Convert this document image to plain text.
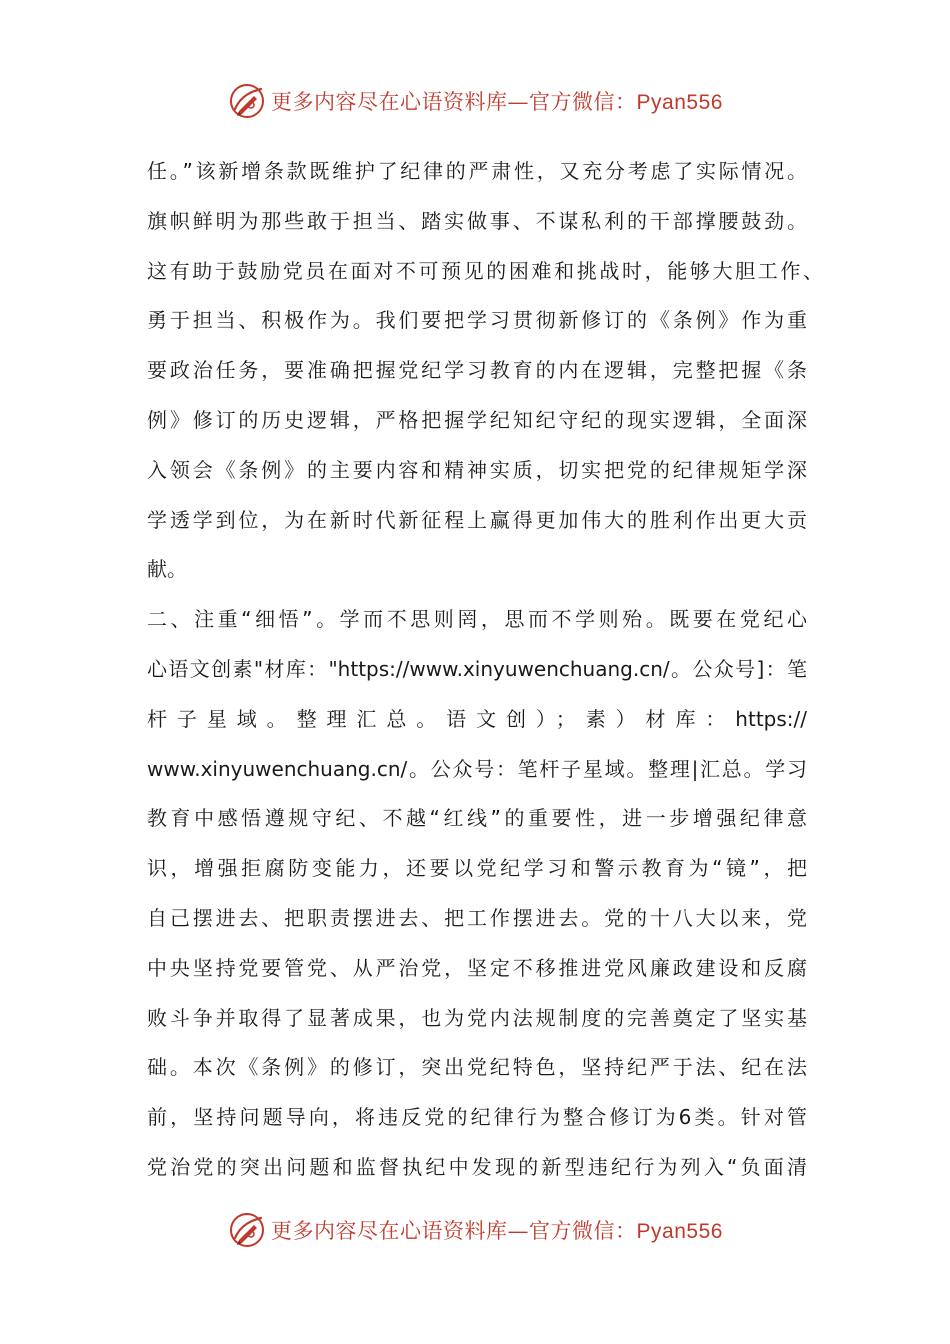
更多内容尽在心语资料库—官方微信：Pyan556
任。”该新增条款既维护了纪律的严肃性，又充分考虑了实际情况。
旗帜鲜明为那些敢于担当、踏实做事、不谋私利的干部撑腰鼓劲。
这有助于鼓励党员在面对不可预见的困难和挑战时，能够大胆工作、
勇于担当、积极作为。我们要把学习贯彻新修订的《条例》作为重
要政治任务，要准确把握党纪学习教育的内在逻辑，完整把握《条
例》修订的历史逻辑，严格把握学纪知纪守纪的现实逻辑，全面深
入领会《条例》的主要内容和精神实质，切实把党的纪律规矩学深
学透学到位，为在新时代新征程上赢得更加伟大的胜利作出更大贡
献。
二、注重“细悟”。学而不思则罔，思而不学则殆。既要在党纪心
心语文创素"材库："https://www.xinyuwenchuang.cn/。公众号]：笔
杆子星域。整理汇总。语文创）；素）材库：https://
www.xinyuwenchuang.cn/。公众号：笔杆子星域。整理|汇总。学习
教育中感悟遵规守纪、不越“红线”的重要性，进一步增强纪律意
识，增强拒腐防变能力，还要以党纪学习和警示教育为“镜”，把
自己摆进去、把职责摆进去、把工作摆进去。党的十八大以来，党
中央坚持党要管党、从严治党，坚定不移推进党风廉政建设和反腐
败斗争并取得了显著成果，也为党内法规制度的完善奠定了坚实基
础。本次《条例》的修订，突出党纪特色，坚持纪严于法、纪在法
前，坚持问题导向，将违反党的纪律行为整合修订为6类。针对管
党治党的突出问题和监督执纪中发现的新型违纪行为列入“负面清
更多内容尽在心语资料库—官方微信：Pyan556
